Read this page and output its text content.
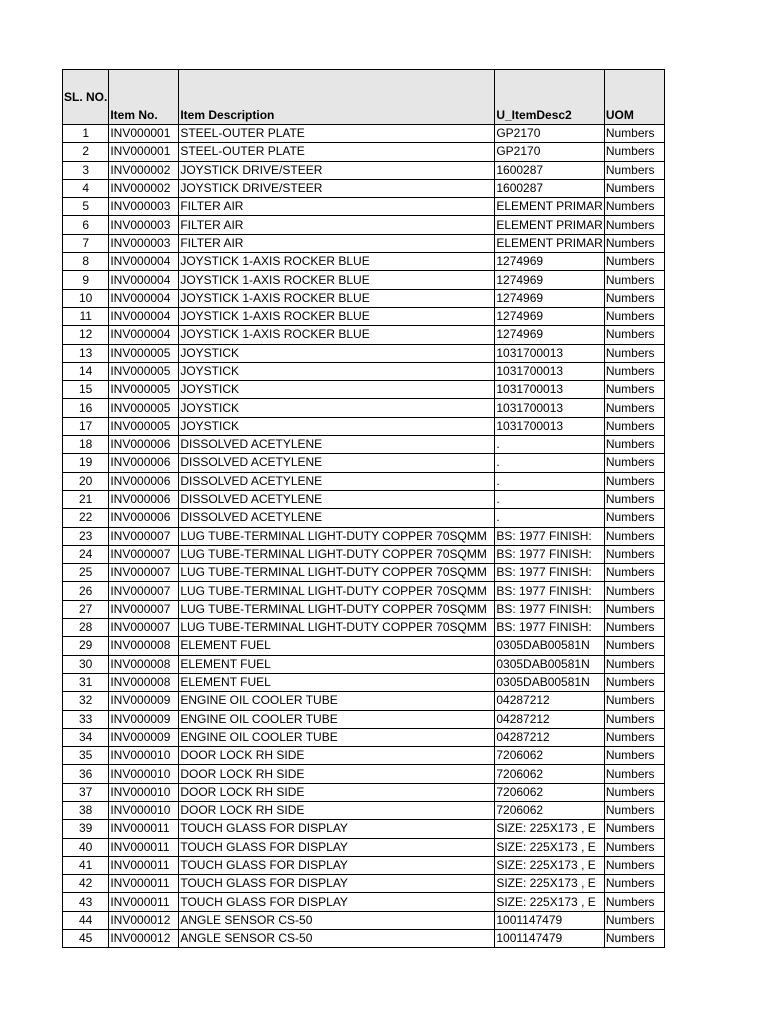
SL. NO.	Item No.	Item Description	U_ItemDesc2	UOM
1	INV000001	STEEL-OUTER PLATE	GP2170	Numbers
2	INV000001	STEEL-OUTER PLATE	GP2170	Numbers
3	INV000002	JOYSTICK DRIVE/STEER	1600287	Numbers
4	INV000002	JOYSTICK DRIVE/STEER	1600287	Numbers
5	INV000003	FILTER AIR	ELEMENT PRIMAR	Numbers
6	INV000003	FILTER AIR	ELEMENT PRIMAR	Numbers
7	INV000003	FILTER AIR	ELEMENT PRIMAR	Numbers
8	INV000004	JOYSTICK 1-AXIS ROCKER BLUE	1274969	Numbers
9	INV000004	JOYSTICK 1-AXIS ROCKER BLUE	1274969	Numbers
10	INV000004	JOYSTICK 1-AXIS ROCKER BLUE	1274969	Numbers
11	INV000004	JOYSTICK 1-AXIS ROCKER BLUE	1274969	Numbers
12	INV000004	JOYSTICK 1-AXIS ROCKER BLUE	1274969	Numbers
13	INV000005	JOYSTICK	1031700013	Numbers
14	INV000005	JOYSTICK	1031700013	Numbers
15	INV000005	JOYSTICK	1031700013	Numbers
16	INV000005	JOYSTICK	1031700013	Numbers
17	INV000005	JOYSTICK	1031700013	Numbers
18	INV000006	DISSOLVED ACETYLENE	.	Numbers
19	INV000006	DISSOLVED ACETYLENE	.	Numbers
20	INV000006	DISSOLVED ACETYLENE	.	Numbers
21	INV000006	DISSOLVED ACETYLENE	.	Numbers
22	INV000006	DISSOLVED ACETYLENE	.	Numbers
23	INV000007	LUG TUBE-TERMINAL LIGHT-DUTY COPPER 70SQMM	BS: 1977 FINISH:	Numbers
24	INV000007	LUG TUBE-TERMINAL LIGHT-DUTY COPPER 70SQMM	BS: 1977 FINISH:	Numbers
25	INV000007	LUG TUBE-TERMINAL LIGHT-DUTY COPPER 70SQMM	BS: 1977 FINISH:	Numbers
26	INV000007	LUG TUBE-TERMINAL LIGHT-DUTY COPPER 70SQMM	BS: 1977 FINISH:	Numbers
27	INV000007	LUG TUBE-TERMINAL LIGHT-DUTY COPPER 70SQMM	BS: 1977 FINISH:	Numbers
28	INV000007	LUG TUBE-TERMINAL LIGHT-DUTY COPPER 70SQMM	BS: 1977 FINISH:	Numbers
29	INV000008	ELEMENT FUEL	0305DAB00581N	Numbers
30	INV000008	ELEMENT FUEL	0305DAB00581N	Numbers
31	INV000008	ELEMENT FUEL	0305DAB00581N	Numbers
32	INV000009	ENGINE OIL COOLER TUBE	04287212	Numbers
33	INV000009	ENGINE OIL COOLER TUBE	04287212	Numbers
34	INV000009	ENGINE OIL COOLER TUBE	04287212	Numbers
35	INV000010	DOOR LOCK RH SIDE	7206062	Numbers
36	INV000010	DOOR LOCK RH SIDE	7206062	Numbers
37	INV000010	DOOR LOCK RH SIDE	7206062	Numbers
38	INV000010	DOOR LOCK RH SIDE	7206062	Numbers
39	INV000011	TOUCH GLASS FOR DISPLAY	SIZE: 225X173 , E	Numbers
40	INV000011	TOUCH GLASS FOR DISPLAY	SIZE: 225X173 , E	Numbers
41	INV000011	TOUCH GLASS FOR DISPLAY	SIZE: 225X173 , E	Numbers
42	INV000011	TOUCH GLASS FOR DISPLAY	SIZE: 225X173 , E	Numbers
43	INV000011	TOUCH GLASS FOR DISPLAY	SIZE: 225X173 , E	Numbers
44	INV000012	ANGLE SENSOR CS-50	1001147479	Numbers
45	INV000012	ANGLE SENSOR CS-50	1001147479	Numbers
